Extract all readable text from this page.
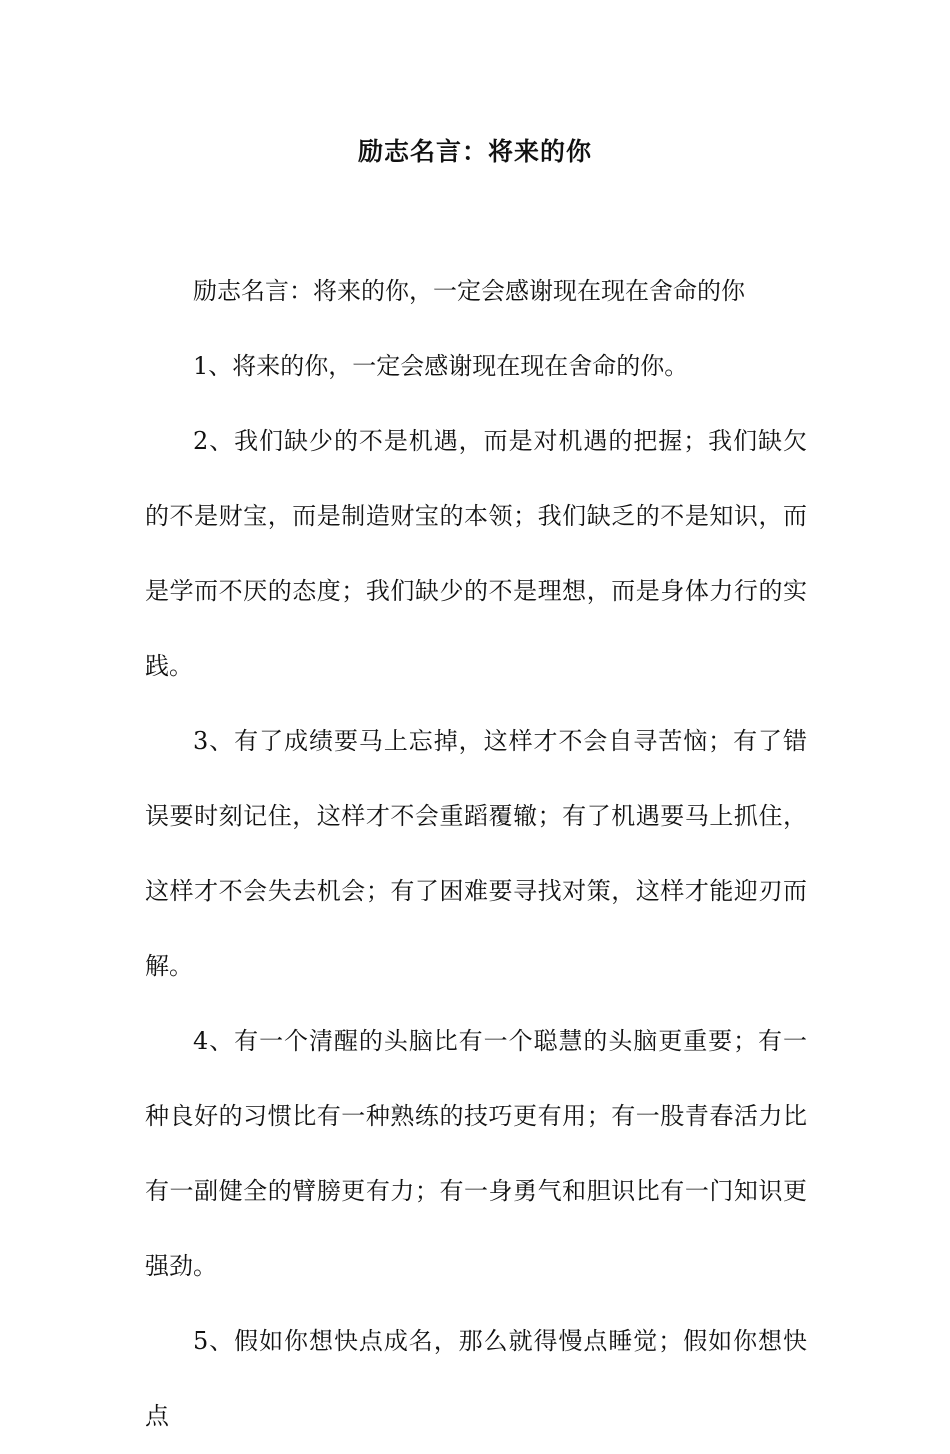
励志名言：将来的你

励志名言：将来的你，一定会感谢现在现在舍命的你

1、将来的你，一定会感谢现在现在舍命的你。

2、我们缺少的不是机遇，而是对机遇的把握；我们缺欠的不是财宝，而是制造财宝的本领；我们缺乏的不是知识，而是学而不厌的态度；我们缺少的不是理想，而是身体力行的实践。

3、有了成绩要马上忘掉，这样才不会自寻苦恼；有了错误要时刻记住，这样才不会重蹈覆辙；有了机遇要马上抓住，这样才不会失去机会；有了困难要寻找对策，这样才能迎刃而解。

4、有一个清醒的头脑比有一个聪慧的头脑更重要；有一种良好的习惯比有一种熟练的技巧更有用；有一股青春活力比有一副健全的臂膀更有力；有一身勇气和胆识比有一门知识更强劲。

5、假如你想快点成名，那么就得慢点睡觉；假如你想快点
